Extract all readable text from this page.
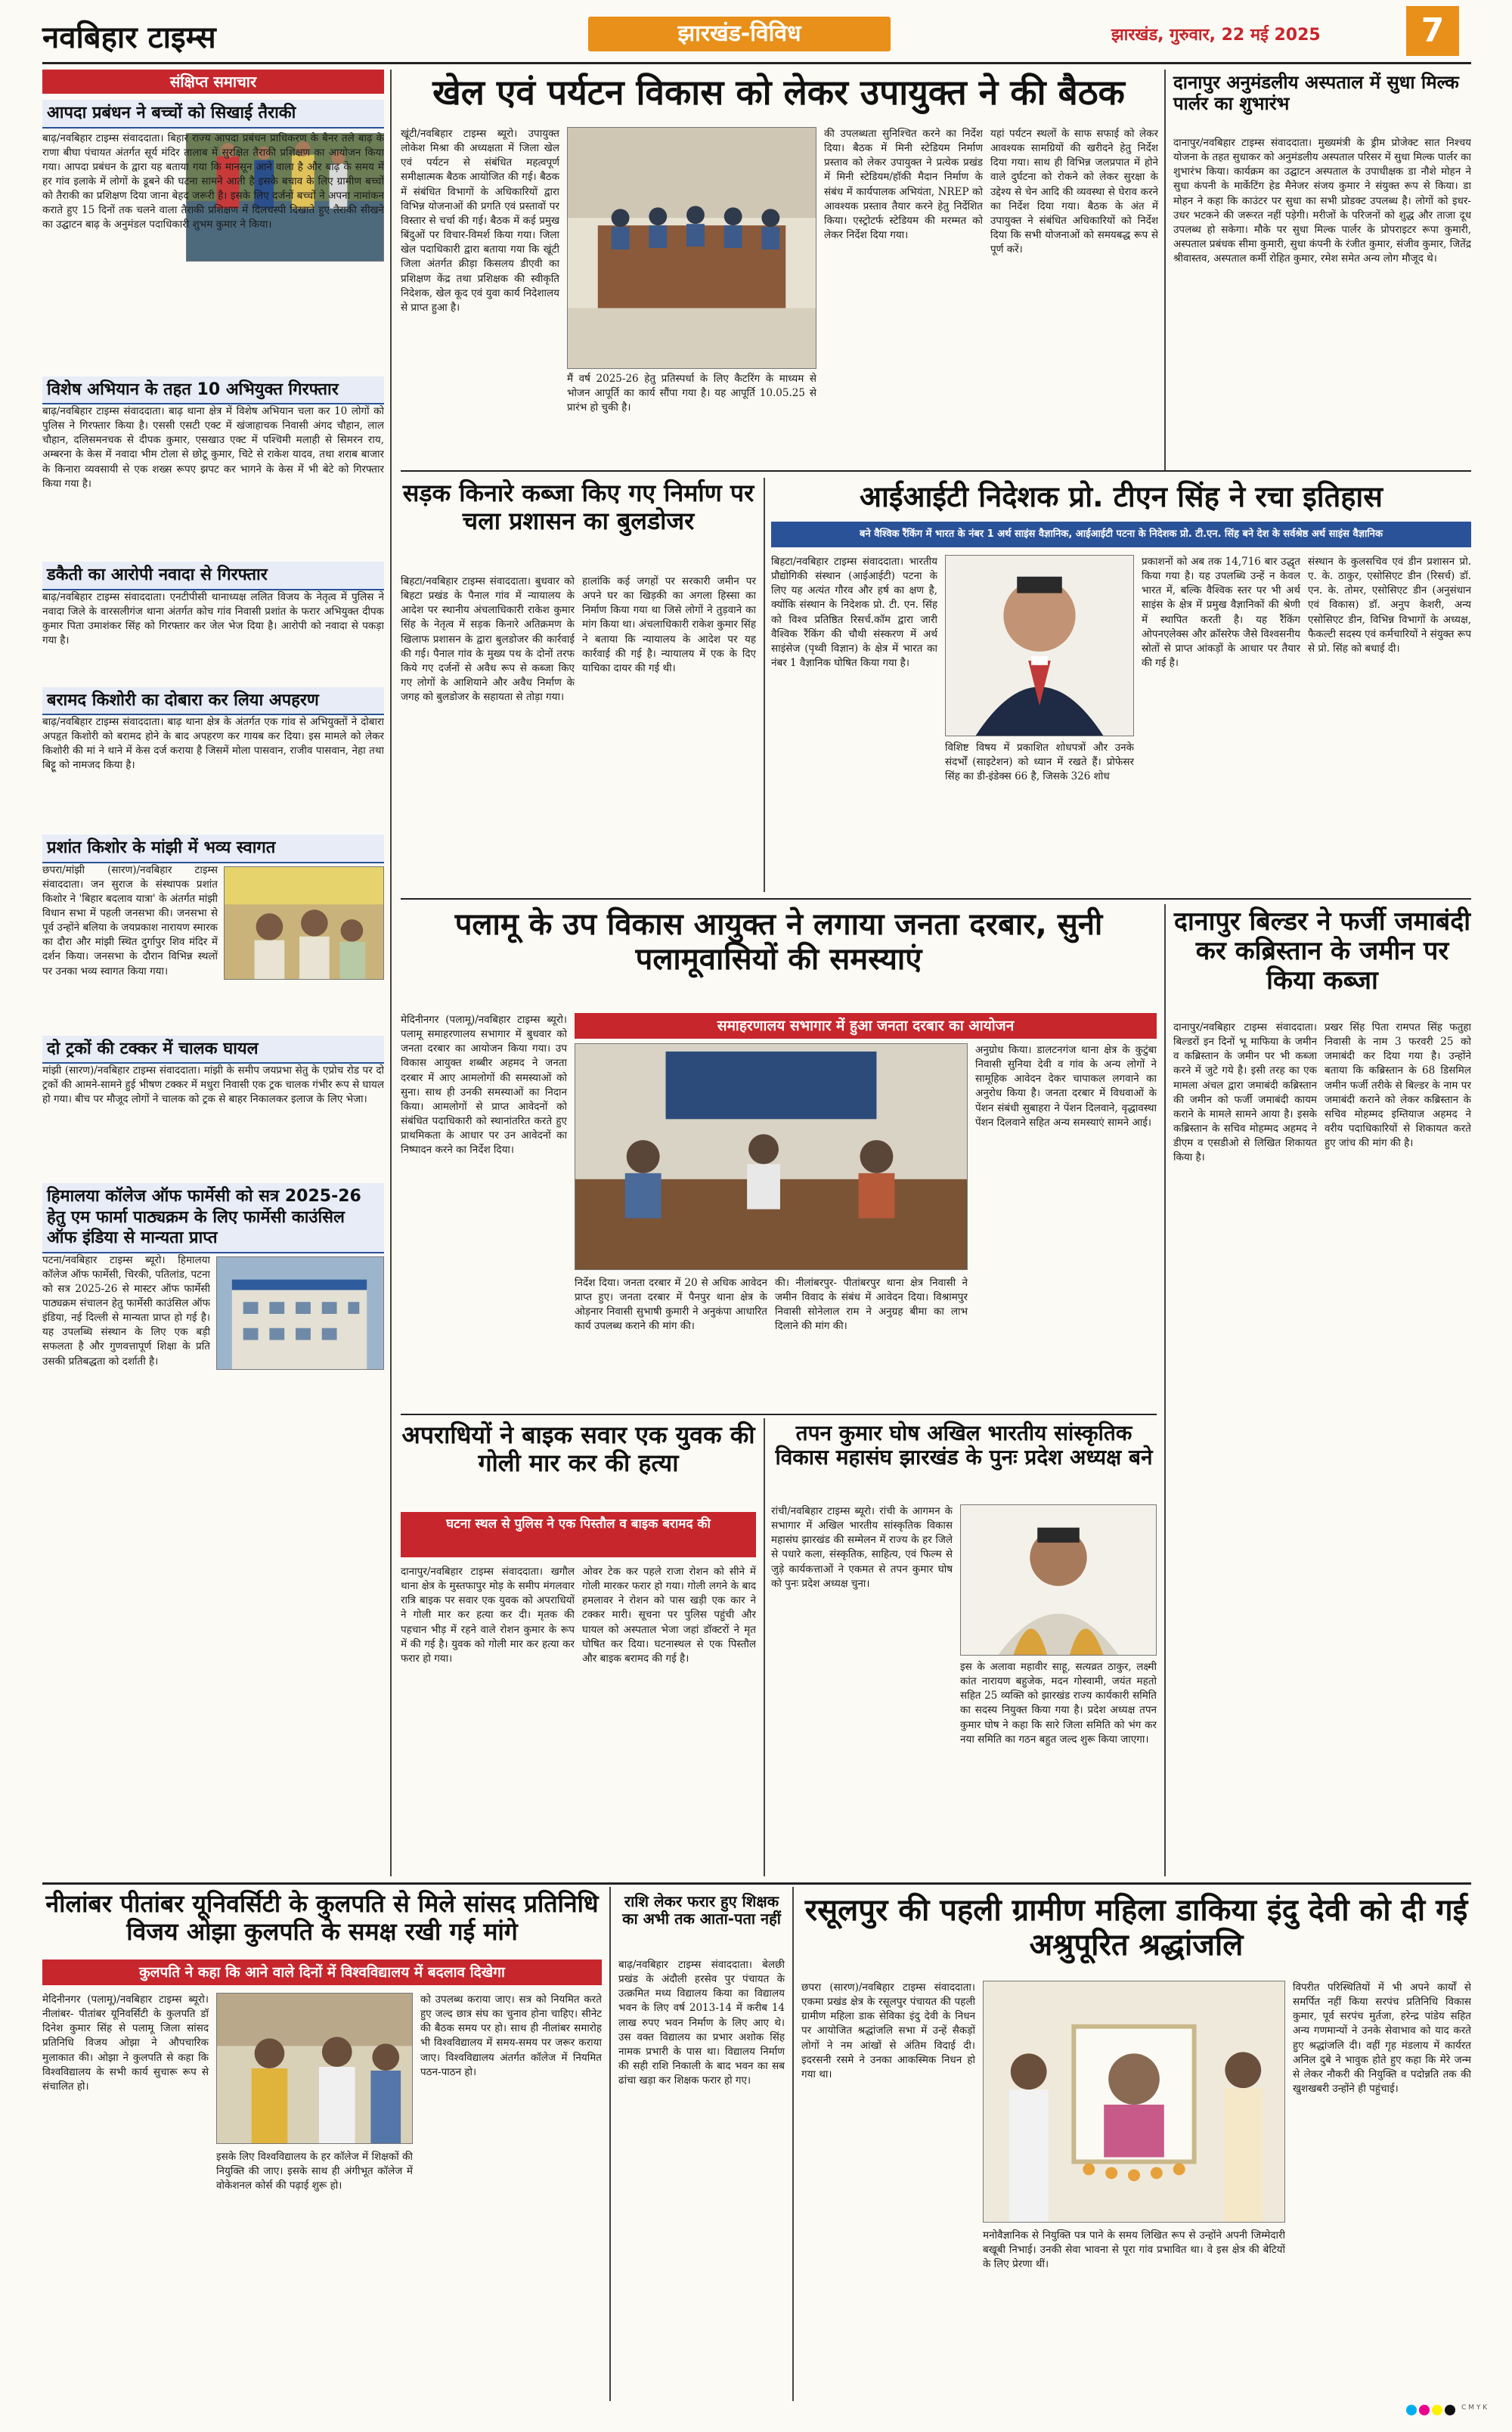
नवबिहार टाइम्स	झारखंड-विविध	झारखंड, गुरुवार, 22 मई 2025	7
संक्षिप्त समाचार
आपदा प्रबंधन ने बच्चों को सिखाई तैराकी
बाढ़/नवबिहार टाइम्स संवाददाता। बिहार राज्य आपदा प्रबंधन प्राधिकरण के बैनर तले बाढ़ के राणा बीघा पंचायत अंतर्गत सूर्य मंदिर तालाब में सुरक्षित तैराकी प्रशिक्षण का आयोजन किया गया। आपदा प्रबंधन के द्वारा यह बताया गया कि मानसून आने वाला है और बाढ़ के समय में हर गांव इलाके में लोगों के डूबने की घटना सामने आती है इसके बचाव के लिए ग्रामीण बच्चों को तैराकी का प्रशिक्षण दिया जाना बेहद जरूरी है। इसके लिए दर्जनों बच्चों ने अपना नामांकन कराते हुए 15 दिनों तक चलने वाला तैराकी प्रशिक्षण में दिलचस्पी दिखाते हुए तैराकी सीखने का उद्घाटन बाढ़ के अनुमंडल पदाधिकारी शुभम कुमार ने किया।
विशेष अभियान के तहत 10 अभियुक्त गिरफ्तार
बाढ़/नवबिहार टाइम्स संवाददाता। बाढ़ थाना क्षेत्र में विशेष अभियान चला कर 10 लोगों को पुलिस ने गिरफ्तार किया है। एससी एसटी एक्ट में खंजाहाचक निवासी अंगद चौहान, लाल चौहान, दलिसमनचक से दीपक कुमार, एसखाउ एक्ट में पश्चिमी मलाही से सिमरन राय, अम्बरना के केस में नवादा भीम टोला से छोटू कुमार, चिटे से राकेश यादव, तथा शराब बाजार के किनारा व्यवसायी से एक शख्स रूपए झपट कर भागने के केस में भी बेटे को गिरफ्तार किया गया है।
डकैती का आरोपी नवादा से गिरफ्तार
बाढ़/नवबिहार टाइम्स संवाददाता। एनटीपीसी थानाध्यक्ष ललित विजय के नेतृत्व में पुलिस ने नवादा जिले के वारसलीगंज थाना अंतर्गत कोच गांव निवासी प्रशांत के फरार अभियुक्त दीपक कुमार पिता उमाशंकर सिंह को गिरफ्तार कर जेल भेज दिया है। आरोपी को नवादा से पकड़ा गया है।
बरामद किशोरी का दोबारा कर लिया अपहरण
बाढ़/नवबिहार टाइम्स संवाददाता। बाढ़ थाना क्षेत्र के अंतर्गत एक गांव से अभियुक्तों ने दोबारा अपहृत किशोरी को बरामद होने के बाद अपहरण कर गायब कर दिया। इस मामले को लेकर किशोरी की मां ने थाने में केस दर्ज कराया है जिसमें मोला पासवान, राजीव पासवान, नेहा तथा बिट्टू को नामजद किया है।
प्रशांत किशोर के मांझी में भव्य स्वागत
छपरा/मांझी (सारण)/नवबिहार टाइम्स संवाददाता। जन सुराज के संस्थापक प्रशांत किशोर ने 'बिहार बदलाव यात्रा' के अंतर्गत मांझी विधान सभा में पहली जनसभा की। जनसभा से पूर्व उन्होंने बलिया के जयप्रकाश नारायण स्मारक का दौरा और मांझी स्थित दुर्गापुर शिव मंदिर में दर्शन किया। जनसभा के दौरान विभिन्न स्थलों पर उनका भव्य स्वागत किया गया।
दो ट्रकों की टक्कर में चालक घायल
मांझी (सारण)/नवबिहार टाइम्स संवाददाता। मांझी के समीप जयप्रभा सेतु के एप्रोच रोड पर दो ट्रकों की आमने-सामने हुई भीषण टक्कर में मधुरा निवासी एक ट्रक चालक गंभीर रूप से घायल हो गया। बीच पर मौजूद लोगों ने चालक को ट्रक से बाहर निकालकर इलाज के लिए भेजा।
हिमालया कॉलेज ऑफ फार्मेसी को सत्र 2025-26 हेतु एम फार्मा पाठ्यक्रम के लिए फार्मेसी काउंसिल ऑफ इंडिया से मान्यता प्राप्त
पटना/नवबिहार टाइम्स ब्यूरो। हिमालया कॉलेज ऑफ फार्मेसी, चिरकी, पतिलांड, पटना को सत्र 2025-26 से मास्टर ऑफ फार्मेसी पाठ्यक्रम संचालन हेतु फार्मेसी काउंसिल ऑफ इंडिया, नई दिल्ली से मान्यता प्राप्त हो गई है। यह उपलब्धि संस्थान के लिए एक बड़ी सफलता है और गुणवत्तापूर्ण शिक्षा के प्रति उसकी प्रतिबद्धता को दर्शाती है।
खेल एवं पर्यटन विकास को लेकर उपायुक्त ने की बैठक
खूंटी/नवबिहार टाइम्स ब्यूरो। उपायुक्त लोकेश मिश्रा की अध्यक्षता में जिला खेल एवं पर्यटन से संबंधित महत्वपूर्ण समीक्षात्मक बैठक आयोजित की गई। बैठक में संबंधित विभागों के अधिकारियों द्वारा विभिन्न योजनाओं की प्रगति एवं प्रस्तावों पर विस्तार से चर्चा की गई। बैठक में कई प्रमुख बिंदुओं पर विचार-विमर्श किया गया। जिला खेल पदाधिकारी द्वारा बताया गया कि खूंटी जिला अंतर्गत क्रीड़ा किसलय डीएवी का प्रशिक्षण केंद्र तथा प्रशिक्षक की स्वीकृति निदेशक, खेल कूद एवं युवा कार्य निदेशालय से प्राप्त हुआ है।
मैं वर्ष 2025-26 हेतु प्रतिस्पर्धा के लिए कैटरिंग के माध्यम से भोजन आपूर्ति का कार्य सौंपा गया है। यह आपूर्ति 10.05.25 से प्रारंभ हो चुकी है।
की उपलब्धता सुनिश्चित करने का निर्देश दिया। बैठक में मिनी स्टेडियम निर्माण प्रस्ताव को लेकर उपायुक्त ने प्रत्येक प्रखंड में मिनी स्टेडियम/हॉकी मैदान निर्माण के संबंध में कार्यपालक अभियंता, NREP को आवश्यक प्रस्ताव तैयार करने हेतु निर्देशित किया। एस्ट्रोटर्फ स्टेडियम की मरम्मत को लेकर निर्देश दिया गया।
यहां पर्यटन स्थलों के साफ सफाई को लेकर आवश्यक सामग्रियों की खरीदने हेतु निर्देश दिया गया। साथ ही विभिन्न जलप्रपात में होने वाले दुर्घटना को रोकने को लेकर सुरक्षा के उद्देश्य से चेन आदि की व्यवस्था से घेराव करने का निर्देश दिया गया। बैठक के अंत में उपायुक्त ने संबंधित अधिकारियों को निर्देश दिया कि सभी योजनाओं को समयबद्ध रूप से पूर्ण करें।
दानापुर अनुमंडलीय अस्पताल में सुधा मिल्क पार्लर का शुभारंभ
दानापुर/नवबिहार टाइम्स संवाददाता। मुख्यमंत्री के ड्रीम प्रोजेक्ट सात निश्चय योजना के तहत सुधाकर को अनुमंडलीय अस्पताल परिसर में सुधा मिल्क पार्लर का शुभारंभ किया। कार्यक्रम का उद्घाटन अस्पताल के उपाधीक्षक डा नौशे मोहन ने सुधा कंपनी के मार्केटिंग हेड मैनेजर संजय कुमार ने संयुक्त रूप से किया। डा मोहन ने कहा कि काउंटर पर सुधा का सभी प्रोडक्ट उपलब्ध है। लोगों को इधर-उधर भटकने की जरूरत नहीं पड़ेगी। मरीजों के परिजनों को शुद्ध और ताजा दूध उपलब्ध हो सकेगा। मौके पर सुधा मिल्क पार्लर के प्रोपराइटर रूपा कुमारी, अस्पताल प्रबंधक सीमा कुमारी, सुधा कंपनी के रंजीत कुमार, संजीव कुमार, जितेंद्र श्रीवास्तव, अस्पताल कर्मी रोहित कुमार, रमेश समेत अन्य लोग मौजूद थे।
सड़क किनारे कब्जा किए गए निर्माण पर चला प्रशासन का बुलडोजर
बिहटा/नवबिहार टाइम्स संवाददाता। बुधवार को बिहटा प्रखंड के पैनाल गांव में न्यायालय के आदेश पर स्थानीय अंचलाधिकारी राकेश कुमार सिंह के नेतृत्व में सड़क किनारे अतिक्रमण के खिलाफ प्रशासन के द्वारा बुलडोजर की कार्रवाई की गई। पैनाल गांव के मुख्य पथ के दोनों तरफ किये गए दर्जनों से अवैध रूप से कब्जा किए गए लोगों के आशियाने और अवैध निर्माण के जगह को बुलडोजर के सहायता से तोड़ा गया।
हालांकि कई जगहों पर सरकारी जमीन पर अपने घर का खिड़की का अगला हिस्सा का निर्माण किया गया था जिसे लोगों ने तुड़वाने का मांग किया था। अंचलाधिकारी राकेश कुमार सिंह ने बताया कि न्यायालय के आदेश पर यह कार्रवाई की गई है। न्यायालय में एक के दिए याचिका दायर की गई थी।
आईआईटी निदेशक प्रो. टीएन सिंह ने रचा इतिहास
बने वैश्विक रैंकिंग में भारत के नंबर 1 अर्थ साइंस वैज्ञानिक, आईआईटी पटना के निदेशक प्रो. टी.एन. सिंह बने देश के सर्वश्रेष्ठ अर्थ साइंस वैज्ञानिक
बिहटा/नवबिहार टाइम्स संवाददाता। भारतीय प्रौद्योगिकी संस्थान (आईआईटी) पटना के लिए यह अत्यंत गौरव और हर्ष का क्षण है, क्योंकि संस्थान के निदेशक प्रो. टी. एन. सिंह को विश्व प्रतिष्ठित रिसर्च.कॉम द्वारा जारी वैश्विक रैंकिंग की चौथी संस्करण में अर्थ साइंसेज (पृथ्वी विज्ञान) के क्षेत्र में भारत का नंबर 1 वैज्ञानिक घोषित किया गया है।
विशिष्ट विषय में प्रकाशित शोधपत्रों और उनके संदर्भों (साइटेशन) को ध्यान में रखते हैं। प्रोफेसर सिंह का डी-इंडेक्स 66 है, जिसके 326 शोध
प्रकाशनों को अब तक 14,716 बार उद्धृत किया गया है। यह उपलब्धि उन्हें न केवल भारत में, बल्कि वैश्विक स्तर पर भी अर्थ साइंस के क्षेत्र में प्रमुख वैज्ञानिकों की श्रेणी में स्थापित करती है। यह रैंकिंग ओपनएलेक्स और क्रॉसरेफ जैसे विश्वसनीय स्रोतों से प्राप्त आंकड़ों के आधार पर तैयार की गई है।
संस्थान के कुलसचिव एवं डीन प्रशासन प्रो. ए. के. ठाकुर, एसोसिएट डीन (रिसर्च) डॉ. एन. के. तोमर, एसोसिएट डीन (अनुसंधान एवं विकास) डॉ. अनुप केशरी, अन्य एसोसिएट डीन, विभिन्न विभागों के अध्यक्ष, फैकल्टी सदस्य एवं कर्मचारियों ने संयुक्त रूप से प्रो. सिंह को बधाई दी।
पलामू के उप विकास आयुक्त ने लगाया जनता दरबार, सुनी पलामूवासियों की समस्याएं
समाहरणालय सभागार में हुआ जनता दरबार का आयोजन
मेदिनीनगर (पलामू)/नवबिहार टाइम्स ब्यूरो। पलामू समाहरणालय सभागार में बुधवार को जनता दरबार का आयोजन किया गया। उप विकास आयुक्त शब्बीर अहमद ने जनता दरबार में आए आमलोगों की समस्याओं को सुना। साथ ही उनकी समस्याओं का निदान किया। आमलोगों से प्राप्त आवेदनों को संबंधित पदाधिकारी को स्थानांतरित करते हुए प्राथमिकता के आधार पर उन आवेदनों का निष्पादन करने का निर्देश दिया।
निर्देश दिया। जनता दरबार में 20 से अधिक आवेदन प्राप्त हुए। जनता दरबार में पैनपुर थाना क्षेत्र के ओड़नार निवासी सुभाषी कुमारी ने अनुकंपा आधारित कार्य उपलब्ध कराने की मांग की।
की। नीलांबरपुर- पीतांबरपुर थाना क्षेत्र निवासी ने जमीन विवाद के संबंध में आवेदन दिया। विश्रामपुर निवासी सोनेलाल राम ने अनुग्रह बीमा का लाभ दिलाने की मांग की।
अनुग्रोध किया। डालटनगंज थाना क्षेत्र के कुटुंबा निवासी सुनिया देवी व गांव के अन्य लोगों ने सामूहिक आवेदन देकर चापाकल लगवाने का अनुरोध किया है। जनता दरबार में विधवाओं के पेंशन संबंधी सुबाहरा ने पेंशन दिलवाने, वृद्धावस्था पेंशन दिलवाने सहित अन्य समस्याएं सामने आई।
दानापुर बिल्डर ने फर्जी जमाबंदी कर कब्रिस्तान के जमीन पर किया कब्जा
दानापुर/नवबिहार टाइम्स संवाददाता। बिल्डरों इन दिनों भू माफिया के जमीन व कब्रिस्तान के जमीन पर भी कब्जा करने में जुटे गये है। इसी तरह का एक मामला अंचल द्वारा जमाबंदी कब्रिस्तान की जमीन को फर्जी जमाबंदी कायम कराने के मामले सामने आया है। इसके कब्रिस्तान के सचिव मोहम्मद अहमद ने डीएम व एसडीओ से लिखित शिकायत किया है।
प्रखर सिंह पिता रामपत सिंह फतुहा निवासी के नाम 3 फरवरी 25 को जमाबंदी कर दिया गया है। उन्होंने बताया कि कब्रिस्तान के 68 डिसमिल जमीन फर्जी तरीके से बिल्डर के नाम पर जमाबंदी कराने को लेकर कब्रिस्तान के सचिव मोहम्मद इम्तियाज अहमद ने वरीय पदाधिकारियों से शिकायत करते हुए जांच की मांग की है।
अपराधियों ने बाइक सवार एक युवक की गोली मार कर की हत्या
घटना स्थल से पुलिस ने एक पिस्तौल व बाइक बरामद की
दानापुर/नवबिहार टाइम्स संवाददाता। खगौल थाना क्षेत्र के मुस्तफापुर मोड़ के समीप मंगलवार रात्रि बाइक पर सवार एक युवक को अपराधियों ने गोली मार कर हत्या कर दी। मृतक की पहचान भीड़ में रहने वाले रोशन कुमार के रूप में की गई है। युवक को गोली मार कर हत्या कर फरार हो गया।
ओवर टेक कर पहले राजा रोशन को सीने में गोली मारकर फरार हो गया। गोली लगने के बाद हमलावर ने रोशन को पास खड़ी एक कार ने टक्कर मारी। सूचना पर पुलिस पहुंची और घायल को अस्पताल भेजा जहां डॉक्टरों ने मृत घोषित कर दिया। घटनास्थल से एक पिस्तौल और बाइक बरामद की गई है।
तपन कुमार घोष अखिल भारतीय सांस्कृतिक विकास महासंघ झारखंड के पुनः प्रदेश अध्यक्ष बने
रांची/नवबिहार टाइम्स ब्यूरो। रांची के आगमन के सभागार में अखिल भारतीय सांस्कृतिक विकास महासंघ झारखंड की सम्मेलन में राज्य के हर जिले से पधारे कला, संस्कृतिक, साहित्य, एवं फिल्म से जुड़े कार्यकत्ताओं ने एकमत से तपन कुमार घोष को पुनः प्रदेश अध्यक्ष चुना।
इस के अलावा महावीर साहू, सत्यव्रत ठाकुर, लक्ष्मी कांत नारायण बहुजेक, मदन गोस्वामी, जयंत महतो सहित 25 व्यक्ति को झारखंड राज्य कार्यकारी समिति का सदस्य नियुक्त किया गया है। प्रदेश अध्यक्ष तपन कुमार घोष ने कहा कि सारे जिला समिति को भंग कर नया समिति का गठन बहुत जल्द शुरू किया जाएगा।
नीलांबर पीतांबर यूनिवर्सिटी के कुलपति से मिले सांसद प्रतिनिधि विजय ओझा कुलपति के समक्ष रखी गई मांगे
कुलपति ने कहा कि आने वाले दिनों में विश्वविद्यालय में बदलाव दिखेगा
मेदिनीनगर (पलामू)/नवबिहार टाइम्स ब्यूरो। नीलांबर- पीतांबर यूनिवर्सिटी के कुलपति डॉ दिनेश कुमार सिंह से पलामू जिला सांसद प्रतिनिधि विजय ओझा ने औपचारिक मुलाकात की। ओझा ने कुलपति से कहा कि विश्वविद्यालय के सभी कार्य सुचारू रूप से संचालित हो।
को उपलब्ध कराया जाए। सत्र को नियमित करते हुए जल्द छात्र संघ का चुनाव होना चाहिए। सीनेट की बैठक समय पर हो। साथ ही नीलांबर समारोह भी विश्वविद्यालय में समय-समय पर जरूर कराया जाए। विश्वविद्यालय अंतर्गत कॉलेज में नियमित पठन-पाठन हो।
इसके लिए विश्वविद्यालय के हर कॉलेज में शिक्षकों की नियुक्ति की जाए। इसके साथ ही अंगीभूत कॉलेज में वोकेशनल कोर्स की पढ़ाई शुरू हो।
राशि लेकर फरार हुए शिक्षक का अभी तक आता-पता नहीं
बाढ़/नवबिहार टाइम्स संवाददाता। बेलछी प्रखंड के अंदौली हरसेव पुर पंचायत के उत्क्रमित मध्य विद्यालय किया का विद्यालय भवन के लिए वर्ष 2013-14 में करीब 14 लाख रुपए भवन निर्माण के लिए आए थे। उस वक्त विद्यालय का प्रभार अशोक सिंह नामक प्रभारी के पास था। विद्यालय निर्माण की सही राशि निकाली के बाद भवन का सब ढांचा खड़ा कर शिक्षक फरार हो गए।
रसूलपुर की पहली ग्रामीण महिला डाकिया इंदु देवी को दी गई अश्रुपूरित श्रद्धांजलि
छपरा (सारण)/नवबिहार टाइम्स संवाददाता। एकमा प्रखंड क्षेत्र के रसूलपुर पंचायत की पहली ग्रामीण महिला डाक सेविका इंदु देवी के निधन पर आयोजित श्रद्धांजलि सभा में उन्हें सैकड़ों लोगों ने नम आंखों से अंतिम विदाई दी। इदरसनी रसमे ने उनका आकस्मिक निधन हो गया था।
मनोवैज्ञानिक से नियुक्ति पत्र पाने के समय लिखित रूप से उन्होंने अपनी जिम्मेदारी बखूबी निभाई। उनकी सेवा भावना से पूरा गांव प्रभावित था। वे इस क्षेत्र की बेटियों के लिए प्रेरणा थीं।
विपरीत परिस्थितियों में भी अपने कार्यों से समर्पित नहीं किया सरपंच प्रतिनिधि विकास कुमार, पूर्व सरपंच मुर्तजा, हरेन्द्र पांडेय सहित अन्य गणमान्यों ने उनके सेवाभाव को याद करते हुए श्रद्धांजलि दी। वहीं गृह मंडलाय में कार्यरत अनिल दुबे ने भावुक होते हुए कहा कि मेरे जन्म से लेकर नौकरी की नियुक्ति व पदोन्नति तक की खुशखबरी उन्होंने ही पहुंचाई।
$^{C M Y K}$
